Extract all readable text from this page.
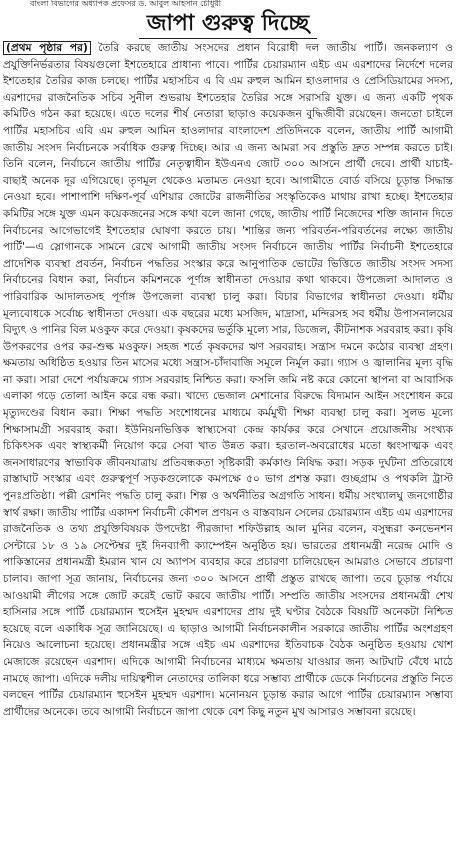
বাংলা বিভাগের অধ্যাপক প্রফেসর ড. আবুল আহসান চৌধুরী
জাপা গুরুত্ব দিচ্ছে

(প্রথম পৃষ্ঠার পর) তৈরি করছে জাতীয় সংসদের প্রধান বিরোধী দল জাতীয় পার্টি। জনকল্যাণ ও প্রযুক্তিনির্ভরতার বিষয়গুলো ইশতেহারে প্রাধান্য পাবে। পার্টির চেয়ারম্যান এইচ এম এরশাদের নির্দেশে দলের ইশতেহার তৈরির কাজ চলছে। পার্টির মহাসচিব এ বি এম রুহুল আমিন হাওলাদার ও প্রেসিডিয়ামের সদস্য, এরশাদের রাজনৈতিক সচিব সুনীল শুভরায় ইশতেহার তৈরির সঙ্গে সরাসরি যুক্ত। এ জন্য একটি পৃথক কমিটিও গঠন করা হয়েছে। এতে দলের শীর্ষ নেতারা ছাড়াও কয়েকজন বুদ্ধিজীবী রয়েছেন। জনতো চাইলে পার্টির মহাসচিব এবি এম রুহুল আমিন হাওলাদার বাংলাদেশ প্রতিদিনকে বলেন, জাতীয় পার্টি আগামী জাতীয় সংসদ নির্বাচনকে সর্বাধিক গুরুত্ব দিচ্ছে। আর এ জন্য আমরা সব প্রস্তুতি দ্রুত সম্পন্ন করতে চাই। তিনি বলেন, নির্বাচনে জাতীয় পার্টির নেতৃত্বাধীন ইউএনএ জোট ৩০০ আসনে প্রার্থী দেবে। প্রার্থী যাচাই-বাছাই অনেক দূর এগিয়েছে। তৃণমূল থেকেও মতামত নেওয়া হবে। আগামীতে বোর্ড বসিয়ে চূড়ান্ত সিদ্ধান্ত নেওয়া হবে। পাশাপাশি দক্ষিণ-পূর্ব এশিয়ার জোটের রাজনীতির সংস্কৃতিকেও মাথায় রাখা হচ্ছে। ইশতেহার কমিটির সঙ্গে যুক্ত এমন কয়েকজনের সঙ্গে কথা বলে জানা গেছে, জাতীয় পার্টি নিজেদের শক্তি জানান দিতে নির্বাচনের আগেভাগেই ইশতেহার ঘোষণা করতে চায়। 'শান্তির জন্য পরিবর্তন-পরিবর্তনের লক্ষ্যে জাতীয় পার্টি'—এ স্লোগানকে সামনে রেখে আগামী জাতীয় সংসদ নির্বাচনে জাতীয় পার্টির নির্বাচনী ইশতেহারে প্রাদেশিক ব্যবস্থা প্রবর্তন, নির্বাচন পদ্ধতির সংস্কার করে আনুপাতিক ভোটের ভিত্তিতে জাতীয় সংসদ সদস্য নির্বাচনের বিধান করা, নির্বাচন কমিশনকে পূর্ণাঙ্গ স্বাধীনতা দেওয়ার কথা থাকবে। উপজেলা আদালত ও পারিবারিক আদালতসহ পূর্ণাঙ্গ উপজেলা ব্যবস্থা চালু করা। বিচার বিভাগের স্বাধীনতা দেওয়া। ধর্মীয় মূল্যবোধকে সর্বোচ্চ স্বাধীনতা দেওয়া। এক বছরের মধ্যে মসজিদ, মাদ্রাসা, মন্দিরসহ সব ধর্মীয় উপাসনালয়ের বিদ্যুৎ ও পানির বিল মওকুফ করে দেওয়া। কৃষকদের ভর্তুকি মূল্যে সার, ডিজেল, কীটনাশক সরবরাহ করা। কৃষি উপকরণের ওপর কর-শুল্ক মওকুফ। সহজ শর্তে কৃষকদের ঋণ সরবরাহ। সন্ত্রাস দমনে কঠোর ব্যবস্থা গ্রহণ। ক্ষমতায় অধিষ্ঠিত হওয়ার তিন মাসের মধ্যে সন্ত্রাস-চাঁদাবাজি সমূলে নির্মূল করা। গ্যাস ও জ্বালানির মূল্য বৃদ্ধি না করা। সারা দেশে পর্যায়ক্রমে গ্যাস সরবরাহ নিশ্চিত করা। ফসলি জমি নষ্ট করে কোনো স্থাপনা বা আবাসিক এলাকা গড়ে তোলা আইন করে বন্ধ করা। খাদ্যে ভেজাল মেশানোর বিরুদ্ধে বিদ্যমান আইন সংশোধন করে মৃত্যুদণ্ডের বিধান করা। শিক্ষা পদ্ধতি সংশোধনের মাধ্যমে কর্মমুখী শিক্ষা ব্যবস্থা চালু করা। সুলভ মূল্যে শিক্ষাসামগ্রী সরবরাহ করা। ইউনিয়নভিত্তিক স্বাস্থ্যসেবা কেন্দ্র কার্যকর করে সেখানে প্রয়োজনীয় সংখ্যক চিকিৎসক এবং স্বাস্থ্যকর্মী নিয়োগ করে সেবা খাত উন্নত করা। হরতাল-অবরোধের মতো ধ্বংসাত্মক এবং জনসাধারণের স্বাভাবিক জীবনযাত্রায় প্রতিবন্ধকতা সৃষ্টিকারী কর্মকাণ্ড নিষিদ্ধ করা। সড়ক দুর্ঘটনা প্রতিরোধে রাস্তাঘাট সংস্কার এবং গুরুত্বপূর্ণ সড়কগুলোকে কমপক্ষে ৫০ ভাগ প্রশস্ত করা। গুচ্ছগ্রাম ও পথকলি ট্রাস্ট পুনঃপ্রতিষ্ঠা। পল্লী রেশনিং পদ্ধতি চালু করা। শিল্প ও অর্থনীতির অগ্রগতি সাধন। ধর্মীয় সংখ্যালঘু জনগোষ্ঠীর স্বার্থ রক্ষা। জাতীয় পার্টির একাদশ নির্বাচনী কৌশল প্রণয়ন ও বাস্তবায়ন সেলের চেয়ারম্যান এইচ এম এরশাদের রাজনৈতিক ও তথ্য প্রযুক্তিবিষয়ক উপদেষ্টা পীরজাদা শফিউল্লাহ আল মুনির বলেন, বসুন্ধরা কনভেনশন সেন্টারে ১৮ ও ১৯ সেপ্টেম্বর দুই দিনব্যাপী ক্যাম্পেইন অনুষ্ঠিত হয়। ভারতের প্রধানমন্ত্রী নরেন্দ্র মোদি ও পাকিস্তানের প্রধানমন্ত্রী ইমরান খান যে অ্যাপস ব্যবহার করে প্রচারণা চালিয়েছেন আমরাও সেভাবে প্রচারণা চালাব। জাপা সূত্র জানায়, নির্বাচনের জন্য ৩০০ আসনে প্রার্থী প্রস্তুত রাখছে জাপা। তবে চূড়ান্ত পর্যায়ে আওয়ামী লীগের সঙ্গে জোট করেই ভোট করবে জাতীয় পার্টি। সম্প্রতি জাতীয় সংসদের প্রধানমন্ত্রী শেখ হাসিনার সঙ্গে পার্টি চেয়ারম্যান হুসেইন মুহম্মদ এরশাদের প্রায় দুই ঘণ্টার বৈঠকে বিষয়টি অনেকটা নিশ্চিত হয়েছে বলে একাধিক সূত্র জানিয়েছে। এ ছাড়াও আগামী নির্বাচনকালীন সরকারে জাতীয় পার্টির অংশগ্রহণ নিয়েও আলোচনা হয়েছে। প্রধানমন্ত্রীর সঙ্গে এইচ এম এরশাদের ইতিবাচক বৈঠক অনুষ্ঠিত হওয়ায় খোশ মেজাজে রয়েছেন এরশাদ। এদিকে আগামী নির্বাচনের মাধ্যমে ক্ষমতায় যাওয়ার জন্য আটঘাট বেঁধে মাঠে নামছে জাপা। এদিকে দলীয় দায়িত্বশীল নেতাদের তালিকা ধরে সম্ভাব্য প্রার্থীকে ডেকে নির্বাচনের প্রস্তুতি নিতে বলছেন পার্টির চেয়ারম্যান হুসেইন মুহম্মদ এরশাদ। মনোনয়ন চূড়ান্ত করার আগে পার্টির চেয়ারম্যান সম্ভাব্য প্রার্থীদের অনেকে। তবে আগামী নির্বাচনে জাপা থেকে বেশ কিছু নতুন মুখ আসারও সম্ভাবনা রয়েছে।
